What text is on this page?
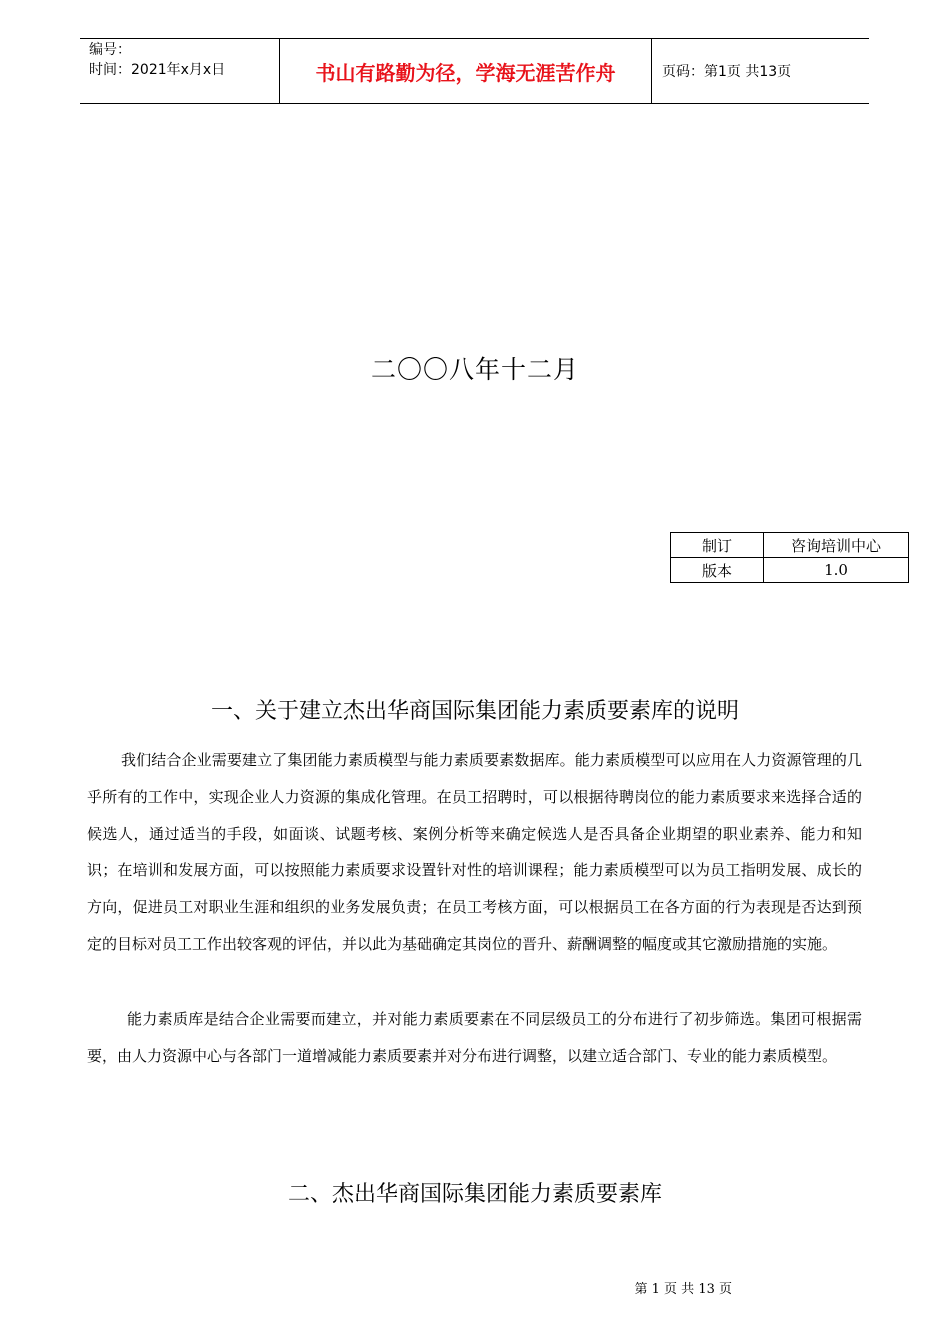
编号：
时间：2021年x月x日	书山有路勤为径，学海无涯苦作舟	页码：第1页 共13页
二〇〇八年十二月
制订	咨询培训中心
版本	1.0
一、关于建立杰出华商国际集团能力素质要素库的说明
我们结合企业需要建立了集团能力素质模型与能力素质要素数据库。能力素质模型可以应用在人力资源管理的几乎所有的工作中，实现企业人力资源的集成化管理。在员工招聘时，可以根据待聘岗位的能力素质要求来选择合适的候选人，通过适当的手段，如面谈、试题考核、案例分析等来确定候选人是否具备企业期望的职业素养、能力和知识；在培训和发展方面，可以按照能力素质要求设置针对性的培训课程；能力素质模型可以为员工指明发展、成长的方向，促进员工对职业生涯和组织的业务发展负责；在员工考核方面，可以根据员工在各方面的行为表现是否达到预定的目标对员工工作出较客观的评估，并以此为基础确定其岗位的晋升、薪酬调整的幅度或其它激励措施的实施。
能力素质库是结合企业需要而建立，并对能力素质要素在不同层级员工的分布进行了初步筛选。集团可根据需要，由人力资源中心与各部门一道增减能力素质要素并对分布进行调整，以建立适合部门、专业的能力素质模型。
二、杰出华商国际集团能力素质要素库
第 1 页 共 13 页
